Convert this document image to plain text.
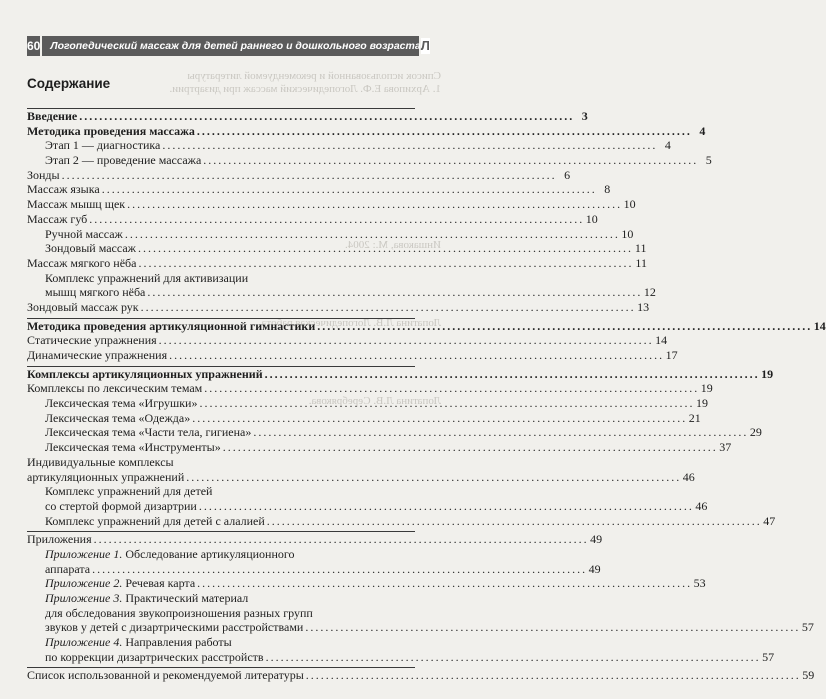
Список использованной и рекомендуемой литературы
1. Архипова Е.Ф. Логопедический массаж при дизартрии.

Иншакова, М.: 2004.

Лопатина Л.В. Логопедическая работа.

Лопатина Л.В. Серебрякова.
60 Логопедический массаж для детей раннего и дошкольного возраста Л
Содержание
Введение . . .	3
Методика проведения массажа . . .	4
Этап 1 — диагностика . . .	4
Этап 2 — проведение массажа . . .	5
Зонды . . .	6
Массаж языка . . .	8
Массаж мышц щек . . .	10
Массаж губ . . .	10
Ручной массаж . . .	10
Зондовый массаж . . .	11
Массаж мягкого нёба . . .	11
Комплекс упражнений для активизации
мышц мягкого нёба . . .	12
Зондовый массаж рук . . .	13
Методика проведения артикуляционной гимнастики . . .	14
Статические упражнения . . .	14
Динамические упражнения . . .	17
Комплексы артикуляционных упражнений . . .	19
Комплексы по лексическим темам . . .	19
Лексическая тема «Игрушки» . . .	19
Лексическая тема «Одежда» . . .	21
Лексическая тема «Части тела, гигиена» . . .	29
Лексическая тема «Инструменты» . . .	37
Индивидуальные комплексы
артикуляционных упражнений . . .	46
Комплекс упражнений для детей
со стертой формой дизартрии . . .	46
Комплекс упражнений для детей с алалией . . .	47
Приложения . . .	49
Приложение 1. Обследование артикуляционного
аппарата . . .	49
Приложение 2. Речевая карта . . .	53
Приложение 3. Практический материал
для обследования звукопроизношения разных групп
звуков у детей с дизартрическими расстройствами . . .	57
Приложение 4. Направления работы
по коррекции дизартрических расстройств . . .	57
Список использованной и рекомендуемой литературы . . .	59
